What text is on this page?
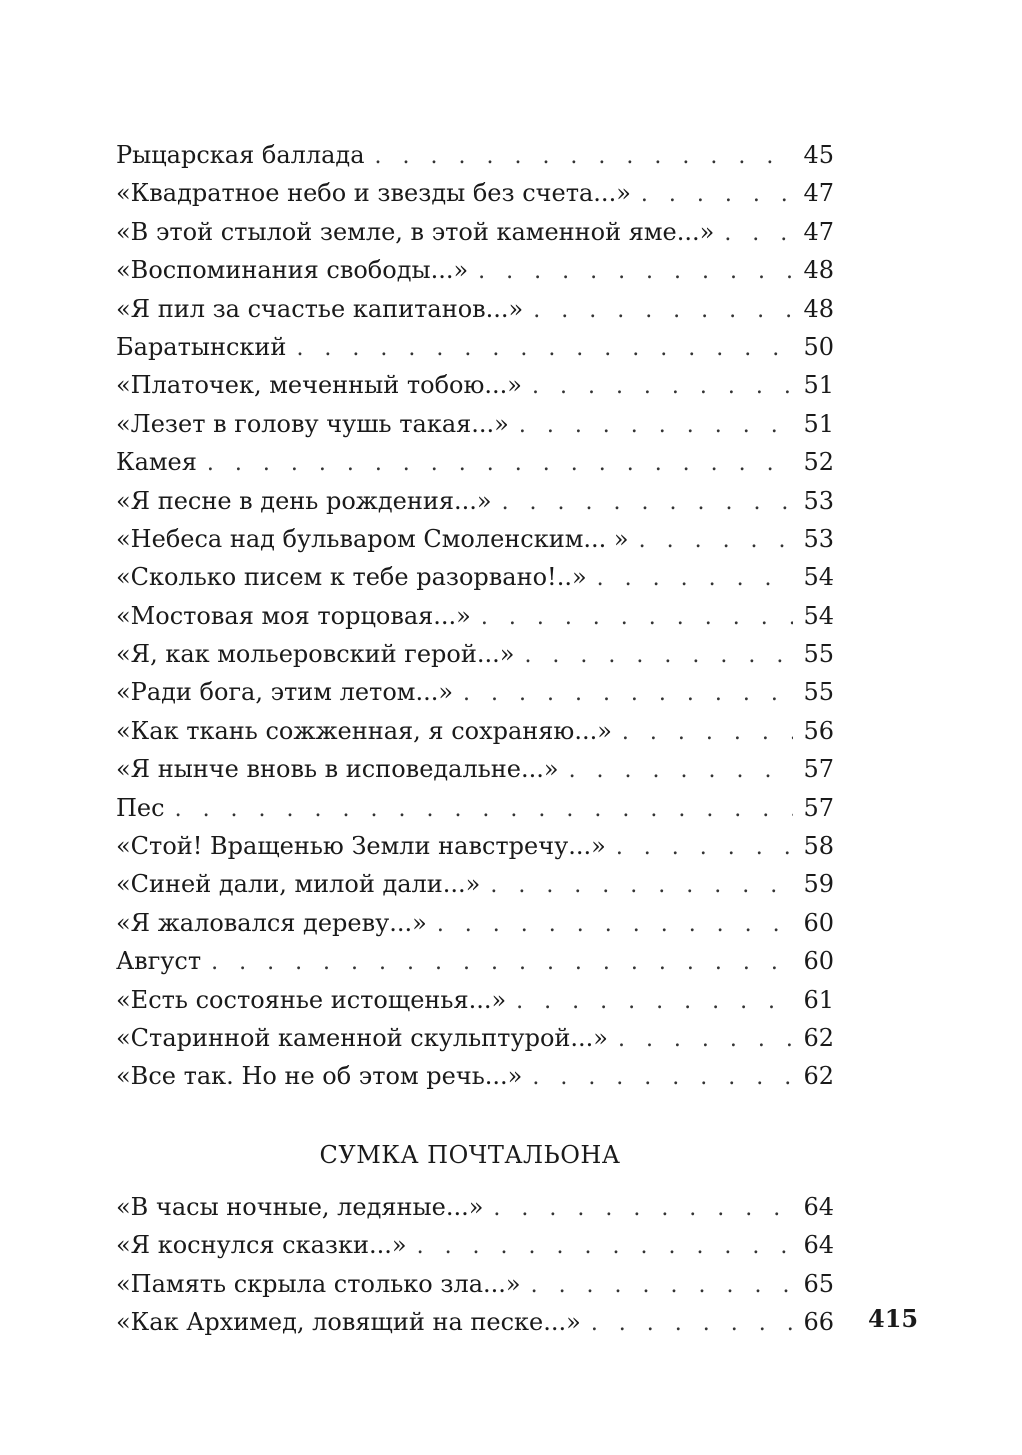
Рыцарская баллада . . .	45
«Квадратное небо и звезды без счета...» . . .	47
«В этой стылой земле, в этой каменной яме...» . . .	47
«Воспоминания свободы...» . . .	48
«Я пил за счастье капитанов...» . . .	48
Баратынский . . .	50
«Платочек, меченный тобою...» . . .	51
«Лезет в голову чушь такая...» . . .	51
Камея . . .	52
«Я песне в день рождения...» . . .	53
«Небеса над бульваром Смоленским... » . . .	53
«Сколько писем к тебе разорвано!..» . . .	54
«Мостовая моя торцовая...» . . .	54
«Я, как мольеровский герой...» . . .	55
«Ради бога, этим летом...» . . .	55
«Как ткань сожженная, я сохраняю...» . . .	56
«Я нынче вновь в исповедальне...» . . .	57
Пес . . .	57
«Стой! Вращенью Земли навстречу...» . . .	58
«Синей дали, милой дали...» . . .	59
«Я жаловался дереву...» . . .	60
Август . . .	60
«Есть состоянье истощенья...» . . .	61
«Старинной каменной скульптурой...» . . .	62
«Все так. Но не об этом речь...» . . .	62
СУМКА ПОЧТАЛЬОНА
«В часы ночные, ледяные...» . . .	64
«Я коснулся сказки...» . . .	64
«Память скрыла столько зла...» . . .	65
«Как Архимед, ловящий на песке...» . . .	66 415
